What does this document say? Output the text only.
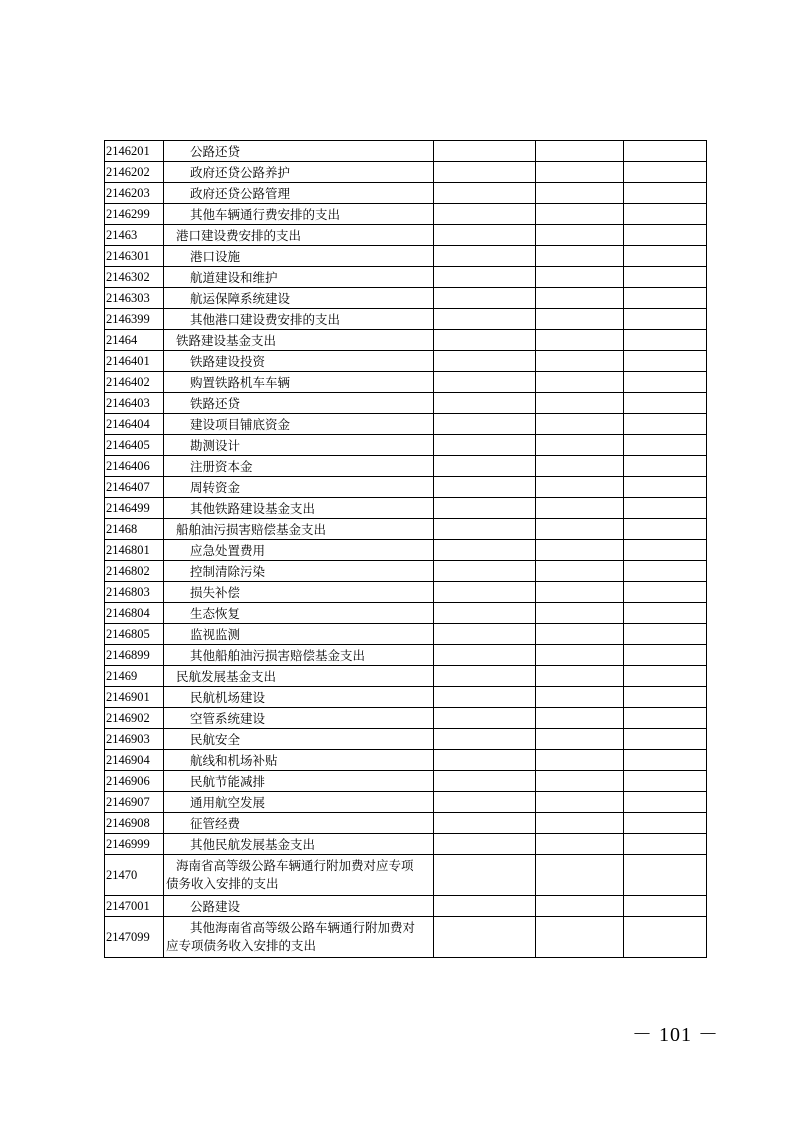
2146201	公路还贷			
2146202	政府还贷公路养护			
2146203	政府还贷公路管理			
2146299	其他车辆通行费安排的支出			
21463	港口建设费安排的支出			
2146301	港口设施			
2146302	航道建设和维护			
2146303	航运保障系统建设			
2146399	其他港口建设费安排的支出			
21464	铁路建设基金支出			
2146401	铁路建设投资			
2146402	购置铁路机车车辆			
2146403	铁路还贷			
2146404	建设项目铺底资金			
2146405	勘测设计			
2146406	注册资本金			
2146407	周转资金			
2146499	其他铁路建设基金支出			
21468	船舶油污损害赔偿基金支出			
2146801	应急处置费用			
2146802	控制清除污染			
2146803	损失补偿			
2146804	生态恢复			
2146805	监视监测			
2146899	其他船舶油污损害赔偿基金支出			
21469	民航发展基金支出			
2146901	民航机场建设			
2146902	空管系统建设			
2146903	民航安全			
2146904	航线和机场补贴			
2146906	民航节能减排			
2146907	通用航空发展			
2146908	征管经费			
2146999	其他民航发展基金支出			
21470	海南省高等级公路车辆通行附加费对应专项
债务收入安排的支出			

2147001	公路建设			
2147099	其他海南省高等级公路车辆通行附加费对
应专项债务收入安排的支出			

－ 101 －
